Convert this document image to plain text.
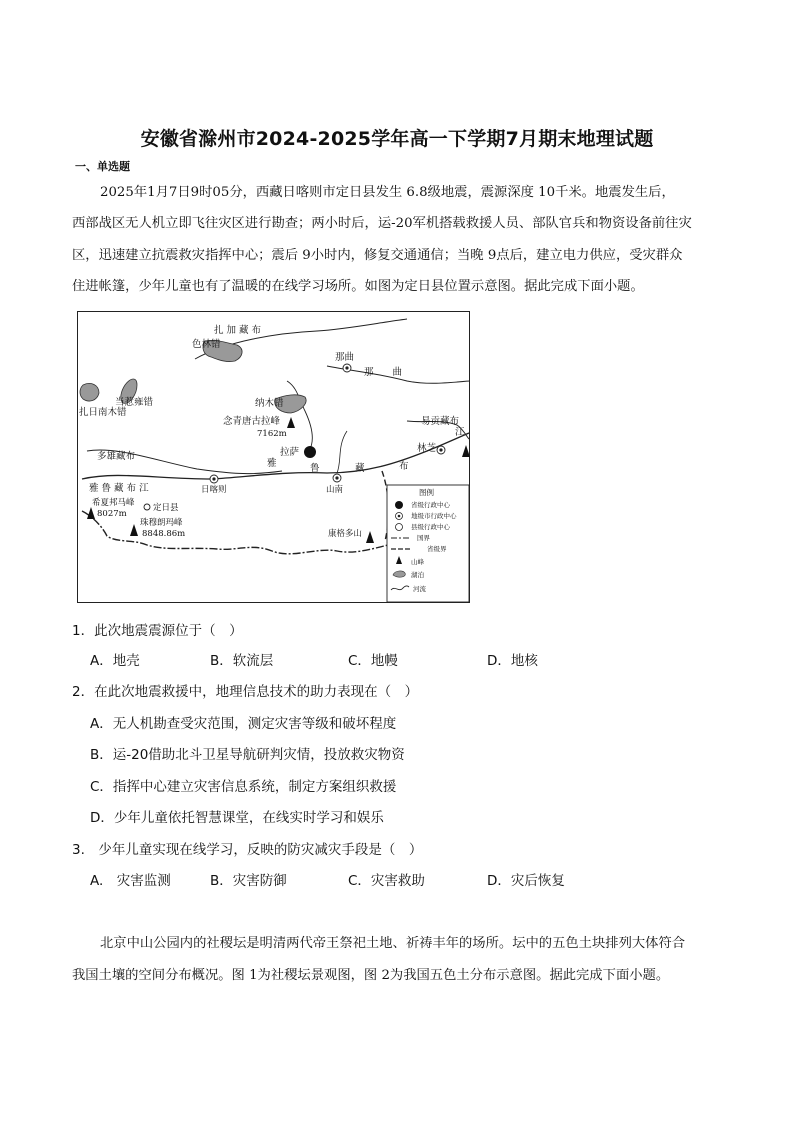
安徽省滁州市2024-2025学年高一下学期7月期末地理试题
一、单选题
2025年1月7日9时05分，西藏日喀则市定日县发生 6.8级地震，震源深度 10千米。地震发生后，
西部战区无人机立即飞往灾区进行勘查；两小时后，运-20军机搭载救援人员、部队官兵和物资设备前往灾
区，迅速建立抗震救灾指挥中心；震后 9小时内，修复交通通信；当晚 9点后，建立电力供应，受灾群众
住进帐篷，少年儿童也有了温暖的在线学习场所。如图为定日县位置示意图。据此完成下面小题。
扎 加 藏 布
色林错
那曲
那　　曲
当惹雍错
扎日南木错
纳木错
念青唐古拉峰
7162m
易贡藏布
林芝
江
拉萨
多雄藏布
雅	鲁	藏	布
雅 鲁 藏 布 江	日喀则	山南
希夏邦马峰
8027m
定日县
珠穆朗玛峰
8848.86m	康格多山
图例
省级行政中心
地级市行政中心
县级行政中心
国界
省级界
山峰
湖泊
河流
1．此次地震震源位于（　）
A．地壳	B．软流层	C．地幔	D．地核
2．在此次地震救援中，地理信息技术的助力表现在（　）
A．无人机勘查受灾范围，测定灾害等级和破坏程度
B．运-20借助北斗卫星导航研判灾情，投放救灾物资
C．指挥中心建立灾害信息系统，制定方案组织救援
D．少年儿童依托智慧课堂，在线实时学习和娱乐
3.　少年儿童实现在线学习，反映的防灾减灾手段是（　）
A.　灾害监测	B．灾害防御	C．灾害救助	D．灾后恢复
北京中山公园内的社稷坛是明清两代帝王祭祀土地、祈祷丰年的场所。坛中的五色土块排列大体符合
我国土壤的空间分布概况。图 1为社稷坛景观图，图 2为我国五色土分布示意图。据此完成下面小题。
